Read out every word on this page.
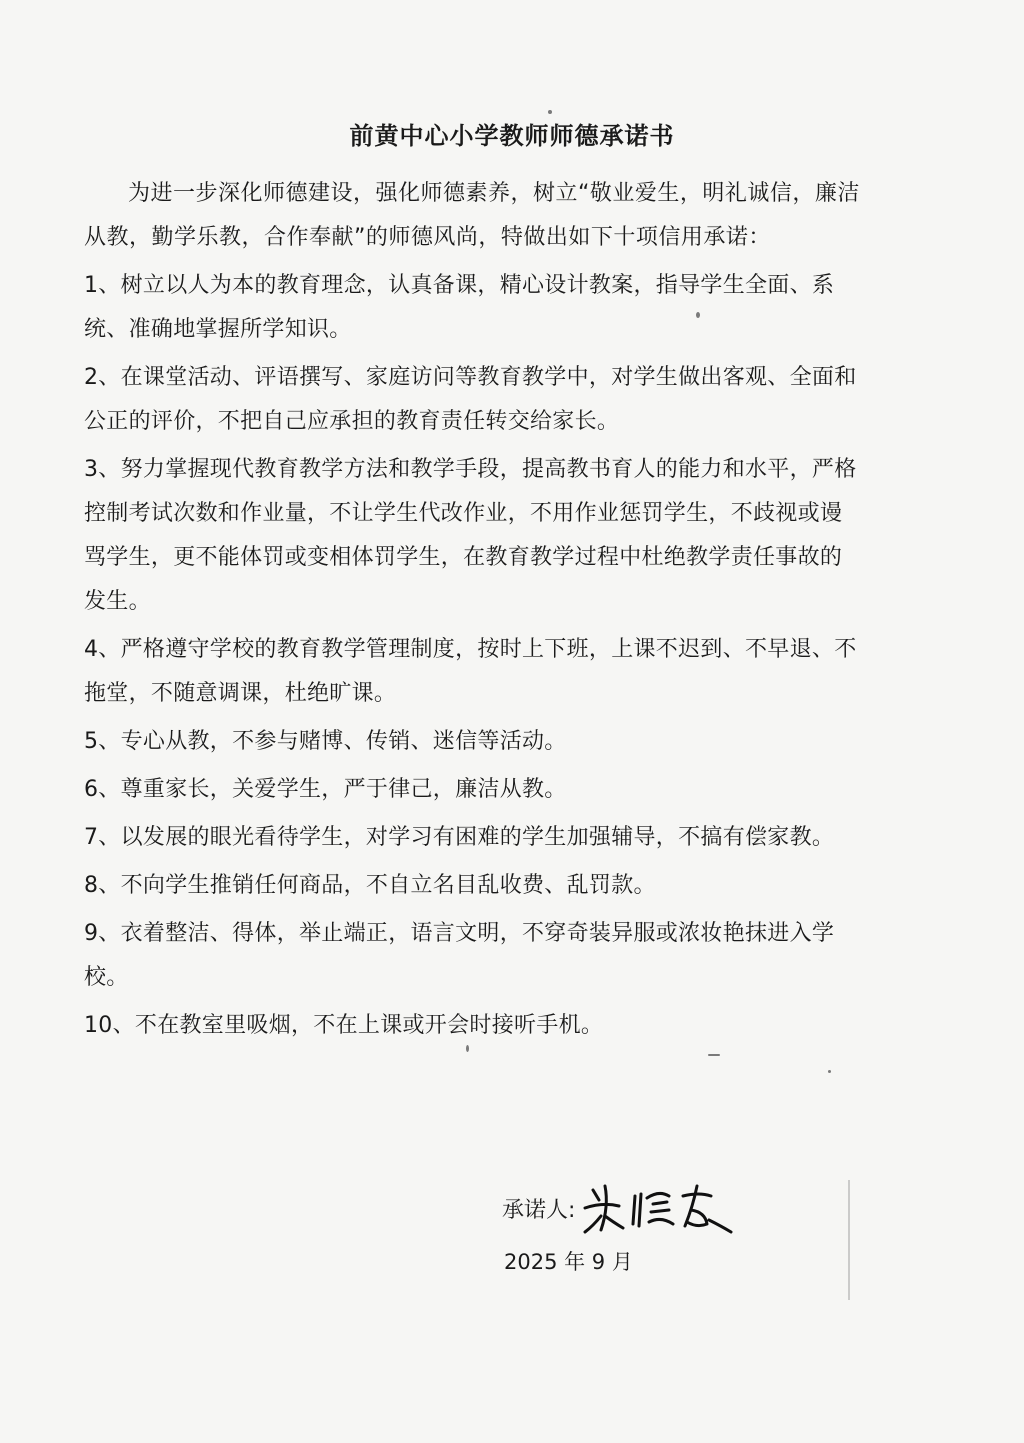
前黄中心小学教师师德承诺书

为进一步深化师德建设，强化师德素养，树立“敬业爱生，明礼诚信，廉洁从教，勤学乐教，合作奉献”的师德风尚，特做出如下十项信用承诺：

1、树立以人为本的教育理念，认真备课，精心设计教案，指导学生全面、系统、准确地掌握所学知识。

2、在课堂活动、评语撰写、家庭访问等教育教学中，对学生做出客观、全面和公正的评价，不把自己应承担的教育责任转交给家长。

3、努力掌握现代教育教学方法和教学手段，提高教书育人的能力和水平，严格控制考试次数和作业量，不让学生代改作业，不用作业惩罚学生，不歧视或谩骂学生，更不能体罚或变相体罚学生，在教育教学过程中杜绝教学责任事故的发生。

4、严格遵守学校的教育教学管理制度，按时上下班，上课不迟到、不早退、不拖堂，不随意调课，杜绝旷课。

5、专心从教，不参与赌博、传销、迷信等活动。

6、尊重家长，关爱学生，严于律己，廉洁从教。

7、以发展的眼光看待学生，对学习有困难的学生加强辅导，不搞有偿家教。

8、不向学生推销任何商品，不自立名目乱收费、乱罚款。

9、衣着整洁、得体，举止端正，语言文明，不穿奇装异服或浓妆艳抹进入学校。

10、不在教室里吸烟，不在上课或开会时接听手机。

承诺人:
2025 年 9 月
